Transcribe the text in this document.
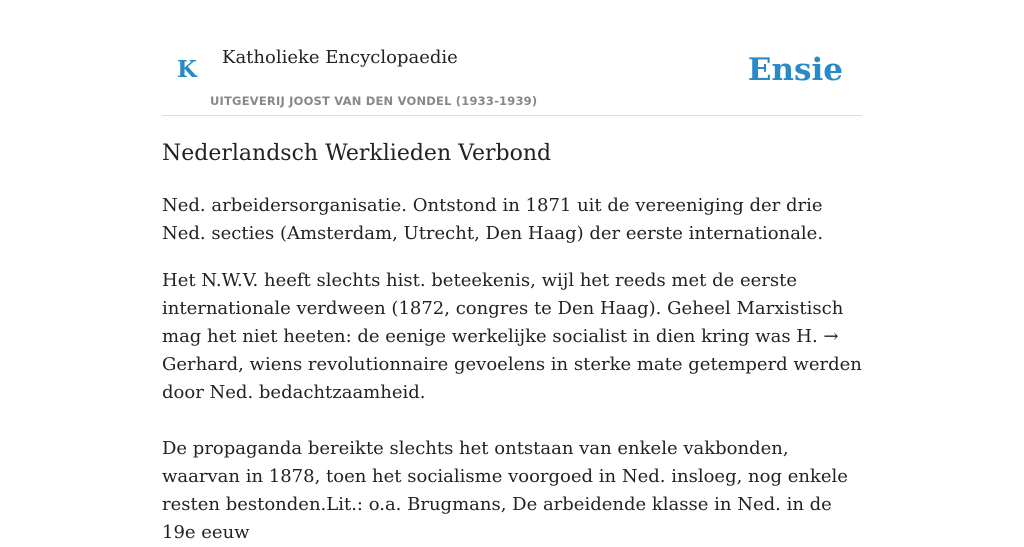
K Katholieke Encyclopaedie
UITGEVERIJ JOOST VAN DEN VONDEL (1933-1939)
Ensie
Nederlandsch Werklieden Verbond

Ned. arbeidersorganisatie. Ontstond in 1871 uit de vereeniging der drie Ned. secties (Amsterdam, Utrecht, Den Haag) der eerste internationale.

Het N.W.V. heeft slechts hist. beteekenis, wijl het reeds met de eerste internationale verdween (1872, congres te Den Haag). Geheel Marxistisch mag het niet heeten: de eenige werkelijke socialist in dien kring was H. → Gerhard, wiens revolutionnaire gevoelens in sterke mate getemperd werden door Ned. bedachtzaamheid.

De propaganda bereikte slechts het ontstaan van enkele vakbonden, waarvan in 1878, toen het socialisme voorgoed in Ned. insloeg, nog enkele resten bestonden.Lit.: o.a. Brugmans, De arbeidende klasse in Ned. in de 19e eeuw
